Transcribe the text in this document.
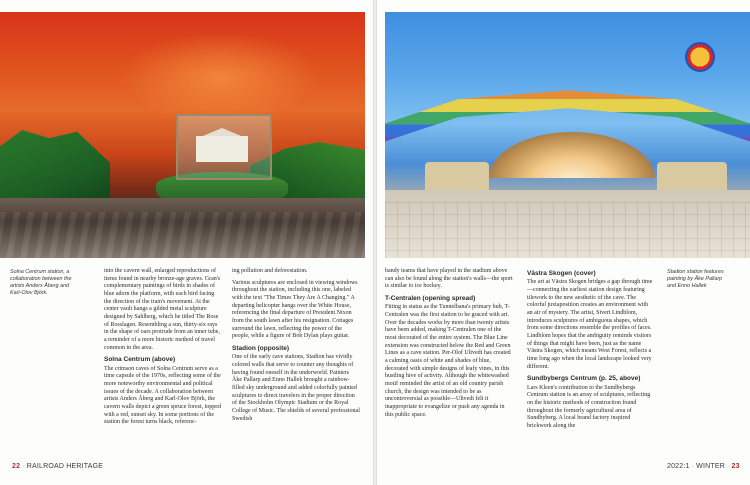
Solna Centrum station, a collaboration between the artists Anders Åberg and Karl-Olov Björk.

into the cavern wall, enlarged reproductions of items found in nearby bronze-age graves. Gran's complementary paintings of birds in shades of blue adorn the platform, with each bird facing the direction of the train's movement. At the center vault hangs a gilded metal sculpture designed by Sahlberg, which he titled The Rose of Rosslagen. Resembling a sun, thirty-six rays in the shape of oars protrude from an inner tube, a reminder of a more historic method of travel common in the area.

Solna Centrum (above)

The crimson caves of Solna Centrum serve as a time capsule of the 1970s, reflecting some of the more noteworthy environmental and political issues of the decade. A collaboration between artists Anders Åberg and Karl-Olov Björk, the cavern walls depict a green spruce forest, topped with a red, sunset sky. In some portions of the station the forest turns black, referenc-

ing pollution and deforestation.

Various sculptures are enclosed in viewing windows throughout the station, including this one, labeled with the text "The Times They Are A Changing." A departing helicopter hangs over the White House, referencing the final departure of President Nixon from the south lawn after his resignation. Cottages surround the lawn, reflecting the power of the people, while a figure of Bob Dylan plays guitar.

Stadion (opposite)

One of the early cave stations, Stadion has vividly colored walls that serve to counter any thoughts of having found oneself in the underworld. Painters Åke Pallarp and Enno Hallek brought a rainbow-filled sky underground and added colorfully painted sculptures to direct travelers in the proper direction of the Stockholm Olympic Stadium or the Royal College of Music. The shields of several professional Swedish

22 · RAILROAD HERITAGE

bandy teams that have played in the stadium above can also be found along the station's walls—the sport is similar to ice hockey.

T-Centralen (opening spread)

Fitting in status as the Tunnelbana's primary hub, T-Centralen was the first station to be graced with art. Over the decades works by more than twenty artists have been added, making T-Centralen one of the most decorated of the entire system. The Blue Line extension was constructed below the Red and Green Lines as a cave station. Per-Olof Ultvedt has created a calming oasis of white and shades of blue, decorated with simple designs of leafy vines, in this bustling hive of activity. Although the whitewashed motif reminded the artist of an old country parish church, the design was intended to be as uncontroversial as possible—Ultvedt felt it inappropriate to evangelize or push any agenda in this public space.

Västra Skogen (cover)

The art at Västra Skogen bridges a gap through time—connecting the earliest station design featuring tilework to the new aesthetic of the cave. The colorful juxtaposition creates an environment with an air of mystery. The artist, Sivert Lindblom, introduces sculptures of ambiguous shapes, which from some directions resemble the profiles of faces. Lindblom hopes that the ambiguity reminds visitors of things that might have been, just as the name Västra Skogen, which means West Forest, reflects a time long ago when the local landscape looked very different.

Sundbybergs Centrum (p. 25, above)

Lars Kleen's contribution to the Sundbybergs Centrum station is an array of sculptures, reflecting on the historic methods of construction found throughout the formerly agricultural area of Sundbyberg. A local brand factory inspired brickwork along the

Stadion station features painting by Åke Pallarp and Enno Hallek
2022:1 · WINTER · 23
